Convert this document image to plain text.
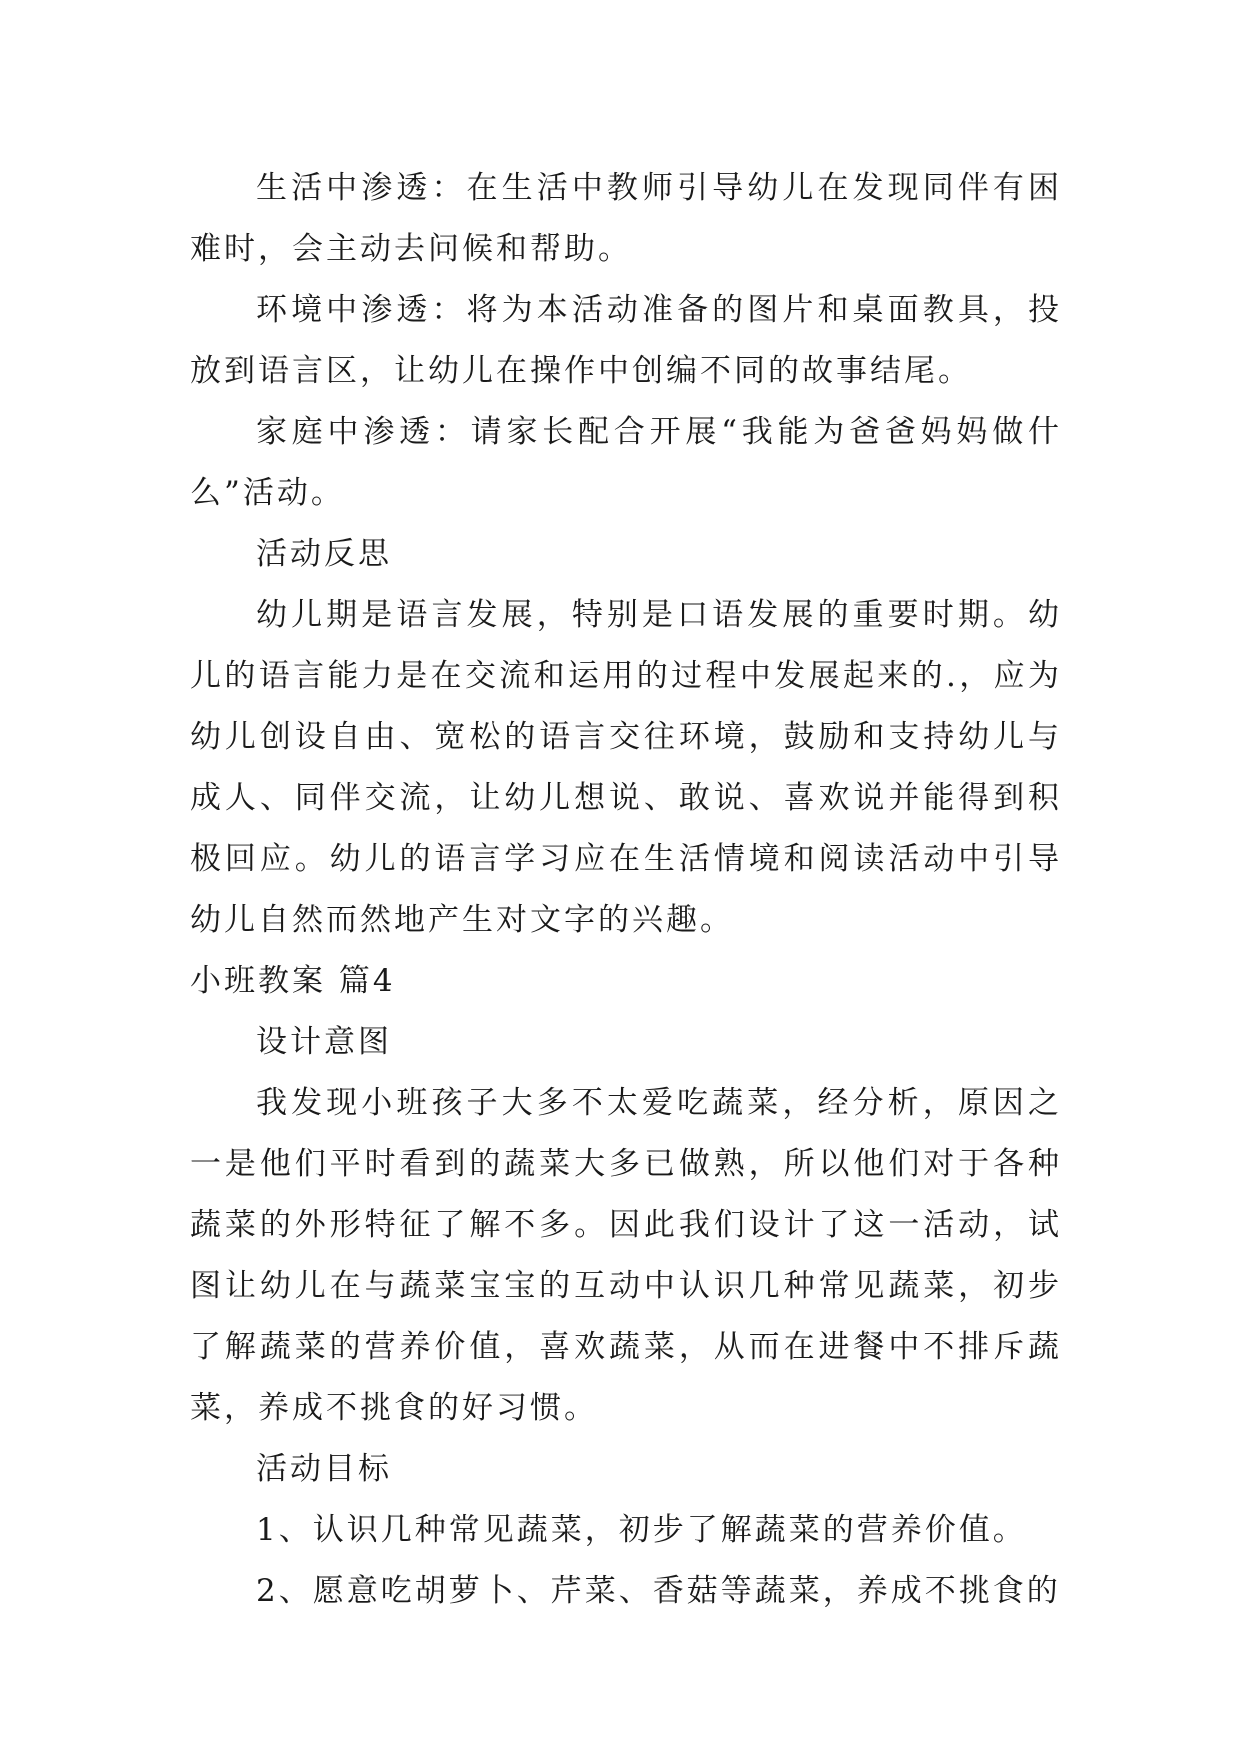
生活中渗透：在生活中教师引导幼儿在发现同伴有困难时，会主动去问候和帮助。

环境中渗透：将为本活动准备的图片和桌面教具，投放到语言区，让幼儿在操作中创编不同的故事结尾。

家庭中渗透：请家长配合开展“我能为爸爸妈妈做什么”活动。

活动反思

幼儿期是语言发展，特别是口语发展的重要时期。幼儿的语言能力是在交流和运用的过程中发展起来的.，应为幼儿创设自由、宽松的语言交往环境，鼓励和支持幼儿与成人、同伴交流，让幼儿想说、敢说、喜欢说并能得到积极回应。幼儿的语言学习应在生活情境和阅读活动中引导幼儿自然而然地产生对文字的兴趣。

小班教案 篇4

设计意图

我发现小班孩子大多不太爱吃蔬菜，经分析，原因之一是他们平时看到的蔬菜大多已做熟，所以他们对于各种蔬菜的外形特征了解不多。因此我们设计了这一活动，试图让幼儿在与蔬菜宝宝的互动中认识几种常见蔬菜，初步了解蔬菜的营养价值，喜欢蔬菜，从而在进餐中不排斥蔬菜，养成不挑食的好习惯。

活动目标

1、认识几种常见蔬菜，初步了解蔬菜的营养价值。

2、愿意吃胡萝卜、芹菜、香菇等蔬菜，养成不挑食的
